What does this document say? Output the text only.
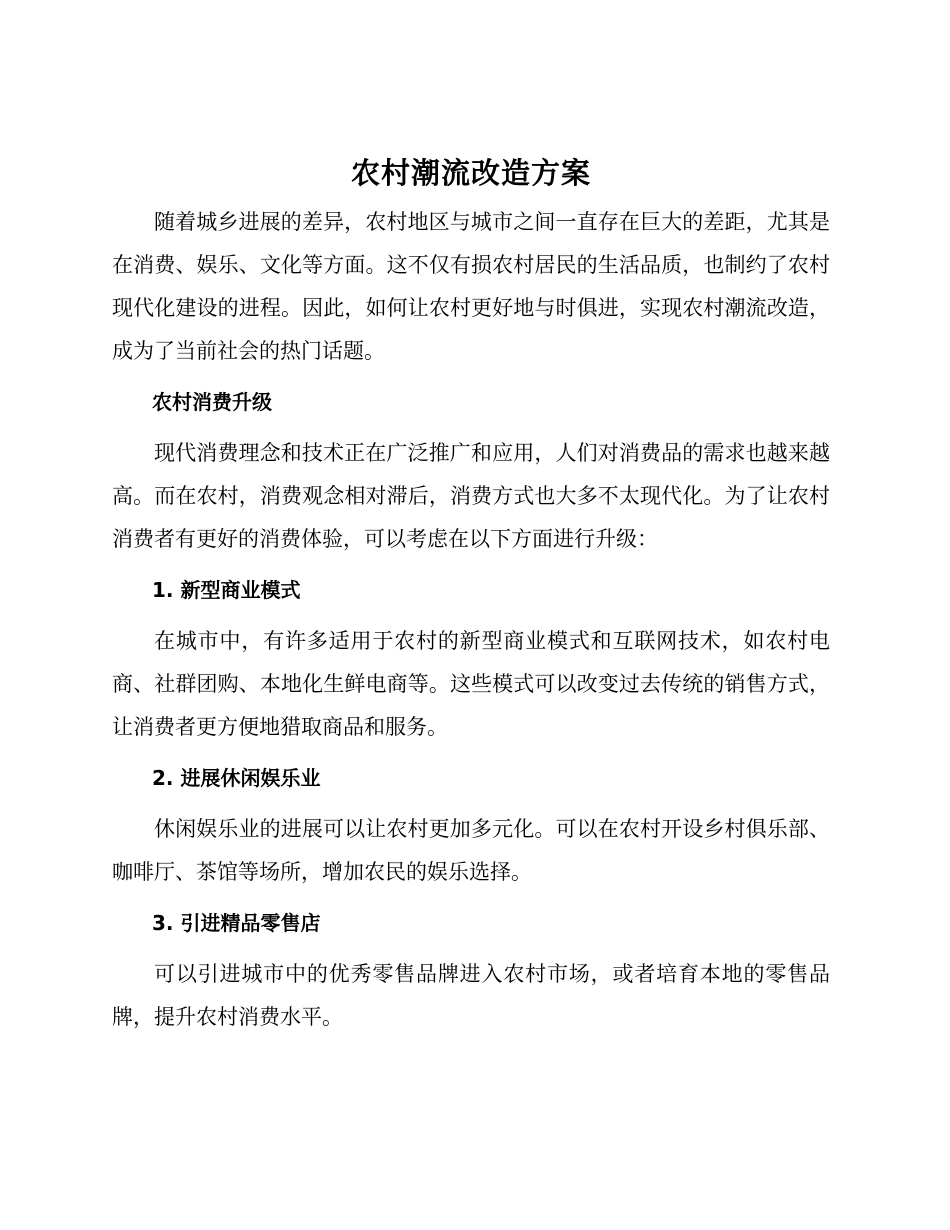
农村潮流改造方案

随着城乡进展的差异，农村地区与城市之间一直存在巨大的差距，尤其是在消费、娱乐、文化等方面。这不仅有损农村居民的生活品质，也制约了农村现代化建设的进程。因此，如何让农村更好地与时俱进，实现农村潮流改造，成为了当前社会的热门话题。

农村消费升级

现代消费理念和技术正在广泛推广和应用，人们对消费品的需求也越来越高。而在农村，消费观念相对滞后，消费方式也大多不太现代化。为了让农村消费者有更好的消费体验，可以考虑在以下方面进行升级：

1. 新型商业模式

在城市中，有许多适用于农村的新型商业模式和互联网技术，如农村电商、社群团购、本地化生鲜电商等。这些模式可以改变过去传统的销售方式，让消费者更方便地猎取商品和服务。

2. 进展休闲娱乐业

休闲娱乐业的进展可以让农村更加多元化。可以在农村开设乡村俱乐部、咖啡厅、茶馆等场所，增加农民的娱乐选择。

3. 引进精品零售店

可以引进城市中的优秀零售品牌进入农村市场，或者培育本地的零售品牌，提升农村消费水平。
